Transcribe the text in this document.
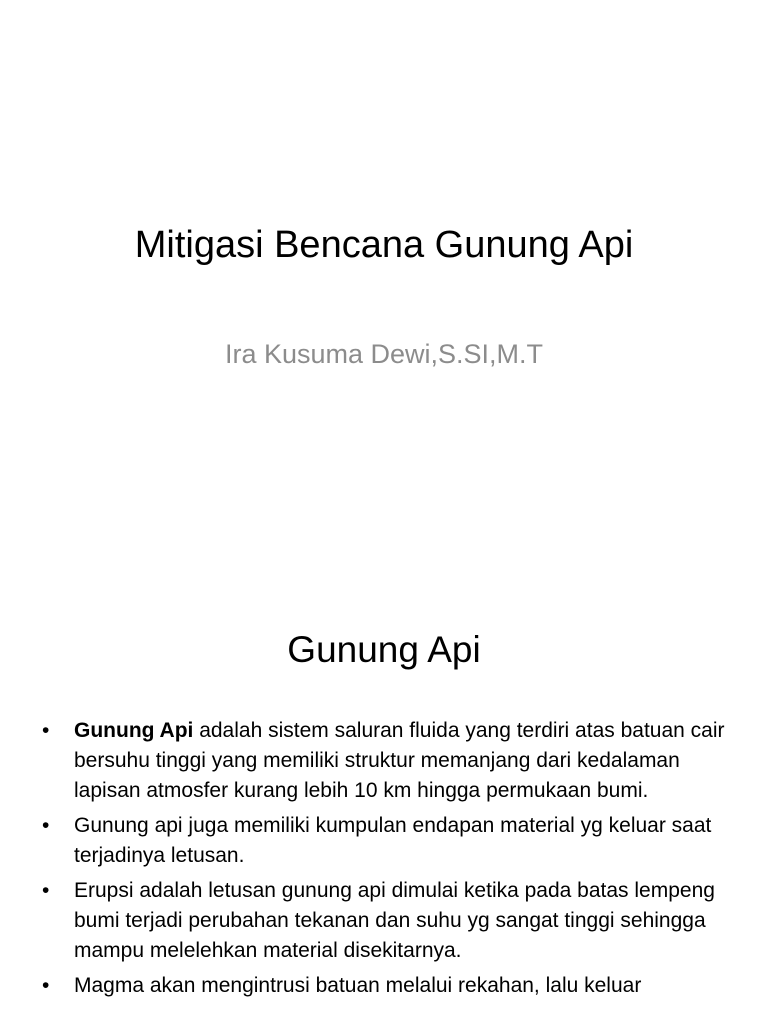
Mitigasi Bencana Gunung Api
Ira Kusuma Dewi,S.SI,M.T
Gunung Api
• Gunung Api adalah sistem saluran fluida yang terdiri atas batuan cair bersuhu tinggi yang memiliki struktur memanjang dari kedalaman lapisan atmosfer kurang lebih 10 km hingga permukaan bumi.
• Gunung api juga memiliki kumpulan endapan material yg keluar saat terjadinya letusan.
• Erupsi adalah letusan gunung api dimulai ketika pada batas lempeng bumi terjadi perubahan tekanan dan suhu yg sangat tinggi sehingga mampu melelehkan material disekitarnya.
• Magma akan mengintrusi batuan melalui rekahan, lalu keluar
